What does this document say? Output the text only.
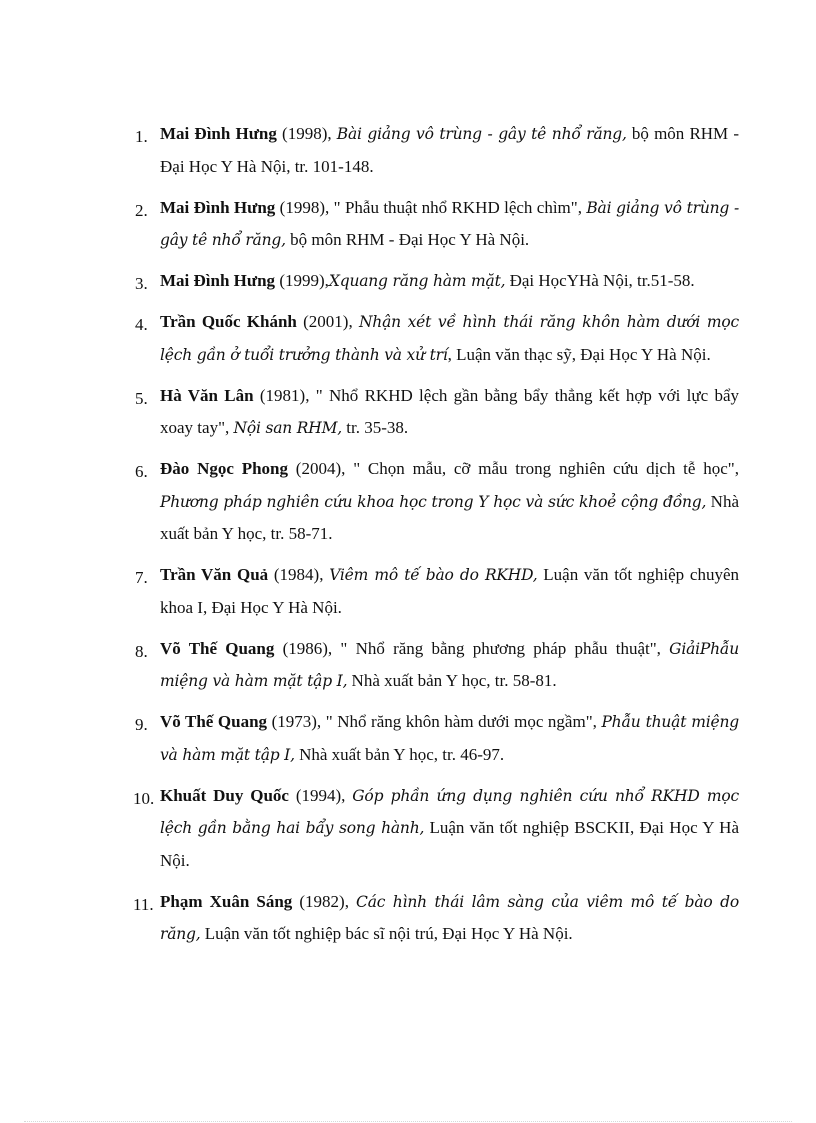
1. Mai Đình Hưng (1998), Bài giảng vô trùng - gây tê nhổ răng, bộ môn RHM - Đại Học Y Hà Nội, tr. 101-148.
2. Mai Đình Hưng (1998), " Phẫu thuật nhổ RKHD lệch chìm", Bài giảng vô trùng - gây tê nhổ răng, bộ môn RHM - Đại Học Y Hà Nội.
3. Mai Đình Hưng (1999),Xquang răng hàm mặt, Đại HọcYHà Nội, tr.51-58.
4. Trần Quốc Khánh (2001), Nhận xét về hình thái răng khôn hàm dưới mọc lệch gần ở tuổi trưởng thành và xử trí, Luận văn thạc sỹ, Đại Học Y Hà Nội.
5. Hà Văn Lân (1981), " Nhổ RKHD lệch gần bằng bẩy thẳng kết hợp với lực bẩy xoay tay", Nội san RHM, tr. 35-38.
6. Đào Ngọc Phong (2004), " Chọn mẫu, cỡ mẫu trong nghiên cứu dịch tễ học", Phương pháp nghiên cứu khoa học trong Y học và sức khoẻ cộng đồng, Nhà xuất bản Y học, tr. 58-71.
7. Trần Văn Quả (1984), Viêm mô tế bào do RKHD, Luận văn tốt nghiệp chuyên khoa I, Đại Học Y Hà Nội.
8. Võ Thế Quang (1986), " Nhổ răng bằng phương pháp phẫu thuật", GiảiPhẫu miệng và hàm mặt tập I, Nhà xuất bản Y học, tr. 58-81.
9. Võ Thế Quang (1973), " Nhổ răng khôn hàm dưới mọc ngầm", Phẫu thuật miệng và hàm mặt tập I, Nhà xuất bản Y học, tr. 46-97.
10. Khuất Duy Quốc (1994), Góp phần ứng dụng nghiên cứu nhổ RKHD mọc lệch gần bằng hai bẩy song hành, Luận văn tốt nghiệp BSCKII, Đại Học Y Hà Nội.
11. Phạm Xuân Sáng (1982), Các hình thái lâm sàng của viêm mô tế bào do răng, Luận văn tốt nghiệp bác sĩ nội trú, Đại Học Y Hà Nội.
